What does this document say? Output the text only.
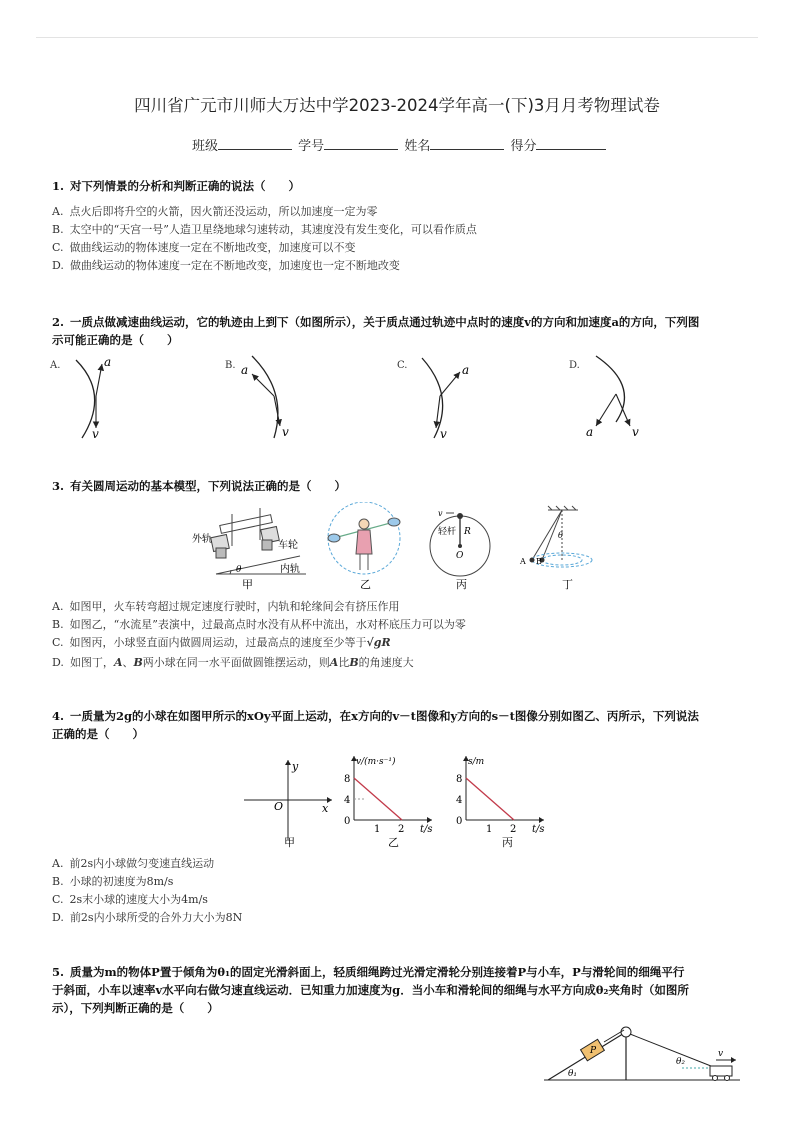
四川省广元市川师大万达中学2023-2024学年高一(下)3月月考物理试卷
班级	学号	姓名	得分
1. 对下列情景的分析和判断正确的说法（　　）
A. 点火后即将升空的火箭，因火箭还没运动，所以加速度一定为零
B. 太空中的“天宫一号”人造卫星绕地球匀速转动，其速度没有发生变化，可以看作质点
C. 做曲线运动的物体速度一定在不断地改变，加速度可以不变
D. 做曲线运动的物体速度一定在不断地改变，加速度也一定不断地改变
2. 一质点做减速曲线运动，它的轨迹由上到下（如图所示），关于质点通过轨迹中点时的速度v的方向和加速度a的方向，下列图
示可能正确的是（　　）
A.	a
v
B. a
v
C.	a
v
D.
a	v
3. 有关圆周运动的基本模型，下列说法正确的是（　　）
外轨
车轮
内轨
θ
甲	乙
v
轻杆 R
O
丙
θ
A B
丁
A. 如图甲，火车转弯超过规定速度行驶时，内轨和轮缘间会有挤压作用
B. 如图乙，“水流星”表演中，过最高点时水没有从杯中流出，水对杯底压力可以为零
C. 如图丙，小球竖直面内做圆周运动，过最高点的速度至少等于√gR
D. 如图丁，A、B两小球在同一水平面做圆锥摆运动，则A比B的角速度大
4. 一质量为2g的小球在如图甲所示的xOy平面上运动，在x方向的v－t图像和y方向的s－t图像分别如图乙、丙所示，下列说法
正确的是（　　）
y
x
O
甲
v/(m·s⁻¹)
8
4
0
1 2 t/s
乙
s/m
8
4
0
1 2 t/s
丙
A. 前2s内小球做匀变速直线运动
B. 小球的初速度为8m/s
C. 2s末小球的速度大小为4m/s
D. 前2s内小球所受的合外力大小为8N
5. 质量为m的物体P置于倾角为θ₁的固定光滑斜面上，轻质细绳跨过光滑定滑轮分别连接着P与小车，P与滑轮间的细绳平行
于斜面，小车以速率v水平向右做匀速直线运动．已知重力加速度为g．当小车和滑轮间的细绳与水平方向成θ₂夹角时（如图所
示），下列判断正确的是（　　）
P
θ₂
θ₁
v
